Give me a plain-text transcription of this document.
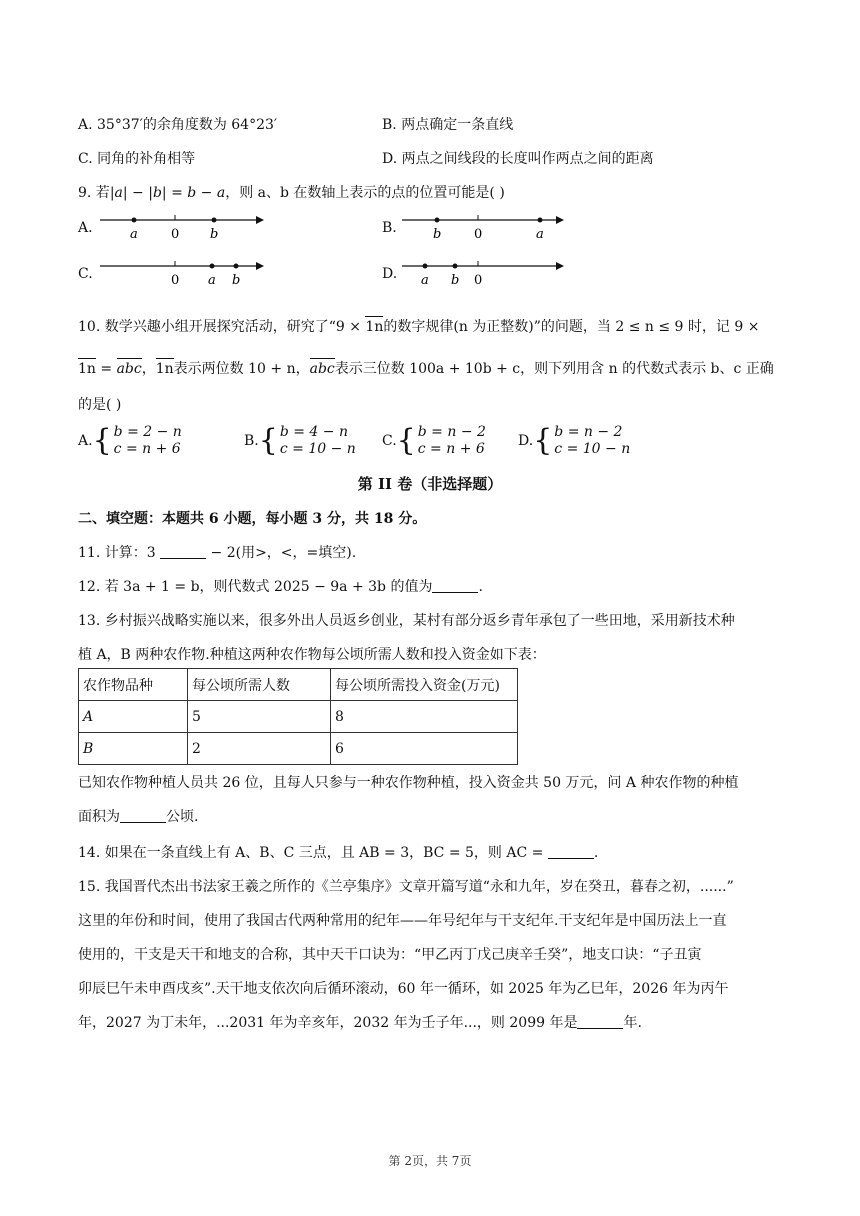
A. 35°37′的余角度数为 64°23′	B. 两点确定一条直线
C. 同角的补角相等	D. 两点之间线段的长度叫作两点之间的距离
9. 若|a| − |b| = b − a，则 a、b 在数轴上表示的点的位置可能是( )
A.	a	0 b	B.	b	0	a
C.	0 a b	D. a b 0
10. 数学兴趣小组开展探究活动，研究了“9 × 1n的数字规律(n 为正整数)”的问题，当 2 ≤ n ≤ 9 时，记 9 ×
1n = abc，1n表示两位数 10 + n，abc表示三位数 100a + 10b + c，则下列用含 n 的代数式表示 b、c 正确
的是( )
A.{ b = 2 − n
c = n + 6	B.{ b = 4 − n
c = 10 − n C.{ b = n − 2
c = n + 6 D.{ b = n − 2
c = 10 − n
第 II 卷（非选择题）
二、填空题：本题共 6 小题，每小题 3 分，共 18 分。
11. 计算：3	− 2(用>，<，=填空).
12. 若 3a + 1 = b，则代数式 2025 − 9a + 3b 的值为	.
13. 乡村振兴战略实施以来，很多外出人员返乡创业，某村有部分返乡青年承包了一些田地，采用新技术种
植 A，B 两种农作物.种植这两种农作物每公顷所需人数和投入资金如下表：
农作物品种	每公顷所需人数	每公顷所需投入资金(万元)
A	5	8
B	2	6
已知农作物种植人员共 26 位，且每人只参与一种农作物种植，投入资金共 50 万元，问 A 种农作物的种植
面积为	公顷.
14. 如果在一条直线上有 A、B、C 三点，且 AB = 3，BC = 5，则 AC =	.
15. 我国晋代杰出书法家王羲之所作的《兰亭集序》文章开篇写道“永和九年，岁在癸丑，暮春之初，......”
这里的年份和时间，使用了我国古代两种常用的纪年——年号纪年与干支纪年.干支纪年是中国历法上一直
使用的，干支是天干和地支的合称，其中天干口诀为：“甲乙丙丁戊己庚辛壬癸”，地支口诀：“子丑寅
卯辰巳午未申酉戌亥”.天干地支依次向后循环滚动，60 年一循环，如 2025 年为乙巳年，2026 年为丙午
年，2027 为丁未年，...2031 年为辛亥年，2032 年为壬子年...，则 2099 年是	年.
第 2页，共 7页
